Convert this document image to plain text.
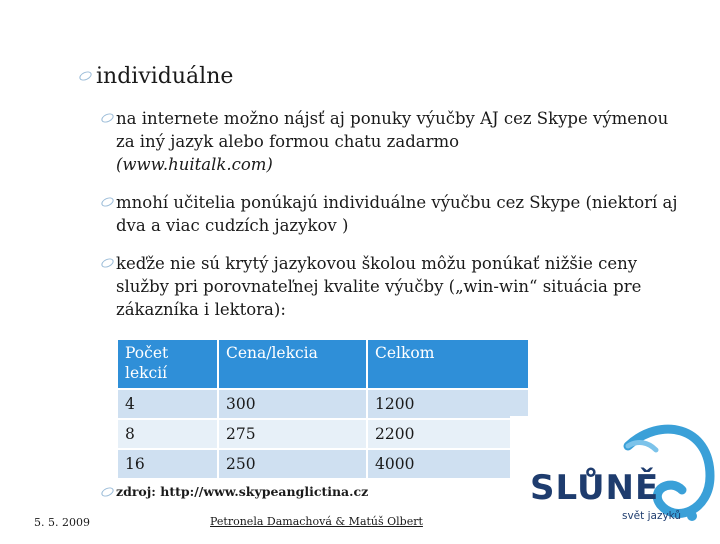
individuálne
na internete možno nájsť aj ponuky výučby AJ cez Skype výmenou za iný jazyk alebo formou chatu zadarmo
(www.huitalk.com)
mnohí učitelia ponúkajú individuálne výučbu cez Skype (niektorí aj dva a viac cudzích jazykov )
keďže nie sú krytý jazykovou školou môžu ponúkať nižšie ceny služby pri porovnateľnej kvalite výučby („win-win“ situácia pre zákazníka i lektora):
Počet lekcií	Cena/lekcia	Celkom
4	300	1200
8	275	2200
16	250	4000
zdroj: http://www.skypeanglictina.cz
5. 5. 2009	Petronela Damachová & Matúš Olbert
SLŮNĚ
svět jazyků
